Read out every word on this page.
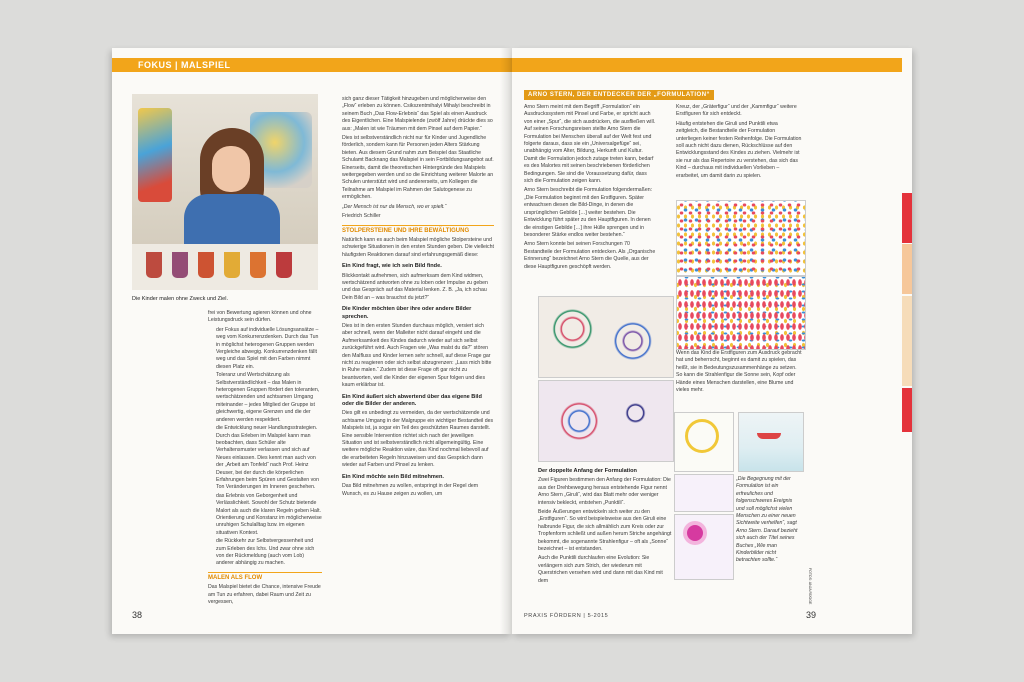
FOKUS | MALSPIEL
Die Kinder malen ohne Zweck und Ziel.

frei von Bewertung agieren können und ohne Leistungsdruck sein dürfen.

• der Fokus auf individuelle Lösungsansätze – weg vom Konkurrenzdenken. Durch das Tun in möglichst heterogenen Gruppen werden Vergleiche abwegig. Konkurrenzdenken fällt weg und das Spiel mit den Farben nimmt diesen Platz ein.
• Toleranz und Wertschätzung als Selbstverständlichkeit – das Malen in heterogenen Gruppen fördert den toleranten, wertschätzenden und achtsamen Umgang miteinander – jedes Mitglied der Gruppe ist gleichwertig, eigene Grenzen und die der anderen werden respektiert.
• die Entwicklung neuer Handlungsstrategien. Durch das Erleben im Malspiel kann man beobachten, dass Schüler alte Verhaltensmuster verlassen und sich auf Neues einlassen. Dies kennt man auch von der „Arbeit am Tonfeld“ nach Prof. Heinz Deuser, bei der durch die körperlichen Erfahrungen beim Spüren und Gestalten von Ton Veränderungen im Inneren geschehen.
• das Erlebnis von Geborgenheit und Verlässlichkeit. Sowohl der Schutz bietende Malort als auch die klaren Regeln geben Halt. Orientierung und Konstanz im möglicherweise unruhigen Schulalltag bzw. im eigenen situativen Kontext.
• die Rückkehr zur Selbstvergessenheit und zum Erleben des Ichs. Und zwar ohne sich von der Rückmeldung (auch vom Lob) anderer abhängig zu machen.
MALEN ALS FLOW

Das Malspiel bietet die Chance, intensive Freude am Tun zu erfahren, dabei Raum und Zeit zu vergessen,

sich ganz dieser Tätigkeit hinzugeben und möglicherweise den „Flow“ erleben zu können. Csikszentmihalyi Mihalyi beschreibt in seinem Buch „Das Flow-Erlebnis“ das Spiel als einen Ausdruck des Eigentlichen. Eine Malspielende (zwölf Jahre) drückte dies so aus: „Malen ist wie Träumen mit dem Pinsel auf dem Papier.“

Dies ist selbstverständlich nicht nur für Kinder und Jugendliche förderlich, sondern kann für Personen jeden Alters Stärkung bieten. Aus diesem Grund nahm zum Beispiel das Staatliche Schulamt Backnang das Malspiel in sein Fortbildungsangebot auf. Einerseits, damit die theoretischen Hintergründe des Malspiels weitergegeben werden und so die Einrichtung weiterer Malorte an Schulen unterstützt wird und andererseits, um Kollegen die Teilnahme am Malspiel im Rahmen der Salutogenese zu ermöglichen.

„Der Mensch ist nur da Mensch, wo er spielt.“

Friedrich Schiller

STOLPERSTEINE UND IHRE BEWÄLTIGUNG

Natürlich kann es auch beim Malspiel mögliche Stolpersteine und schwierige Situationen in den ersten Stunden geben. Die vielleicht häufigsten Reaktionen darauf sind erfahrungsgemäß diese:

Ein Kind fragt, wie ich sein Bild finde.

Blickkontakt aufnehmen, sich aufmerksam dem Kind widmen, wertschätzend antworten ohne zu loben oder Impulse zu geben und das Gespräch auf das Material lenken. Z. B. „Ja, ich schau Dein Bild an – was brauchst du jetzt?“

Die Kinder möchten über ihre oder andere Bilder sprechen.

Dies ist in den ersten Stunden durchaus möglich, versiert sich aber schnell, wenn der Malleiter nicht darauf eingeht und die Aufmerksamkeit des Kindes dadurch wieder auf sich selbst zurückgeführt wird. Auch Fragen wie „Was malst du da?“ stören den Malfluss und Kinder lernen sehr schnell, auf diese Frage gar nicht zu reagieren oder sich selbst abzugrenzen: „Lass mich bitte in Ruhe malen.“ Zudem ist diese Frage oft gar nicht zu beantworten, weil die Kinder der eigenen Spur folgen und dies kaum erklärbar ist.

Ein Kind äußert sich abwertend über das eigene Bild oder die Bilder der anderen.

Dies gilt es unbedingt zu vermeiden, da der wertschätzende und achtsame Umgang in der Malgruppe ein wichtiger Bestandteil des Malspiels ist, ja sogar ein Teil des geschützten Raumes darstellt. Eine sensible Intervention richtet sich nach der jeweiligen Situation und ist selbstverständlich nicht allgemeingültig. Eine weitere mögliche Reaktion wäre, das Kind nochmal liebevoll auf die erarbeiteten Regeln hinzuweisen und das Gespräch dann wieder auf Farben und Pinsel zu lenken.

Ein Kind möchte sein Bild mitnehmen.

Das Bild mitnehmen zu wollen, entspringt in der Regel dem Wunsch, es zu Hause zeigen zu wollen, um

38
ARNO STERN, DER ENTDECKER DER „FORMULATION“

Arno Stern meint mit dem Begriff „Formulation“ ein Ausdruckssystem mit Pinsel und Farbe, er spricht auch von einer „Spur“, die sich ausdrücken, die ausfließen will. Auf seinen Forschungsreisen stellte Arno Stern die Formulation bei Menschen überall auf der Welt fest und folgerte daraus, dass sie ein „Universalgefüge“ sei, unabhängig vom Alter, Bildung, Herkunft und Kultur. Damit die Formulation jedoch zutage treten kann, bedarf es des Malortes mit seinen beschriebenen förderlichen Bedingungen. Sie sind die Voraussetzung dafür, dass sich die Formulation zeigen kann.

Arno Stern beschreibt die Formulation folgendermaßen: „Die Formulation beginnt mit den Erstfiguren. Später entwachsen diesen die Bild-Dinge, in denen die ursprünglichen Gebilde […] weiter bestehen. Die Entwicklung führt später zu den Hauptfiguren. In denen die einstigen Gebilde […] ihre Hülle sprengen und in besonderer Stärke endlos weiter bestehen.“

Arno Stern konnte bei seinen Forschungen 70 Bestandteile der Formulation entdecken. Als „Organische Erinnerung“ bezeichnet Arno Stern die Quelle, aus der diese Hauptfiguren geschöpft werden.

Der doppelte Anfang der Formulation

Zwei Figuren bestimmen den Anfang der Formulation: Die aus der Drehbewegung heraus entstehende Figur nennt Arno Stern „Gіruli“, wird das Blatt mehr oder weniger intensiv bekleckt, entstehen „Punktili“.

Beide Äußerungen entwickeln sich weiter zu den „Erstfiguren“. So wird beispielsweise aus den Giruli eine halbrunde Figur, die sich allmählich zum Kreis oder zur Tropfenform schließt und außen herum Striche angehängt bekommt, die sogenannte Strahlenfigur – oft als „Sonne“ bezeichnet – ist entstanden.

Auch die Punktili durchlaufen eine Evolution: Sie verlängern sich zum Strich, der wiederum mit Querstrichen versehen wird und dann mit das Kind mit dem

Kreuz, der „Gräterfigur“ und der „Kammfigur“ weitere Erstfiguren für sich entdeckt.

Häufig entstehen die Giruli und Punktili etwa zeitgleich, die Bestandteile der Formulation unterliegen keiner festen Reihenfolge. Die Formulation soll auch nicht dazu dienen, Rückschlüsse auf den Entwicklungsstand des Kindes zu ziehen. Vielmehr ist sie nur als das Repertoire zu verstehen, das sich das Kind – durchaus mit individuellen Vorlieben – erarbeitet, um damit darin zu spielen.

Wenn das Kind die Erstfiguren zum Ausdruck gebracht hat und beherrscht, beginnt es damit zu spielen, das heißt, sie in Bedeutungszusammenhänge zu setzen. So kann die Strahlenfigur die Sonne sein, Kopf oder Hände eines Menschen darstellen, eine Blume und vieles mehr.

„Die Begegnung mit der Formulation ist ein erfreuliches und folgenschweres Ereignis und soll möglichst vielen Menschen zu einer neuen Sichtweite verhelfen“, sagt Arno Stern. Darauf bezieht sich auch der Titel seines Buches „Wie man Kinderbilder nicht betrachten sollte.“

FOTOS: ANJA RÜGGE
PRAXIS FÖRDERN | 5-2015	39
